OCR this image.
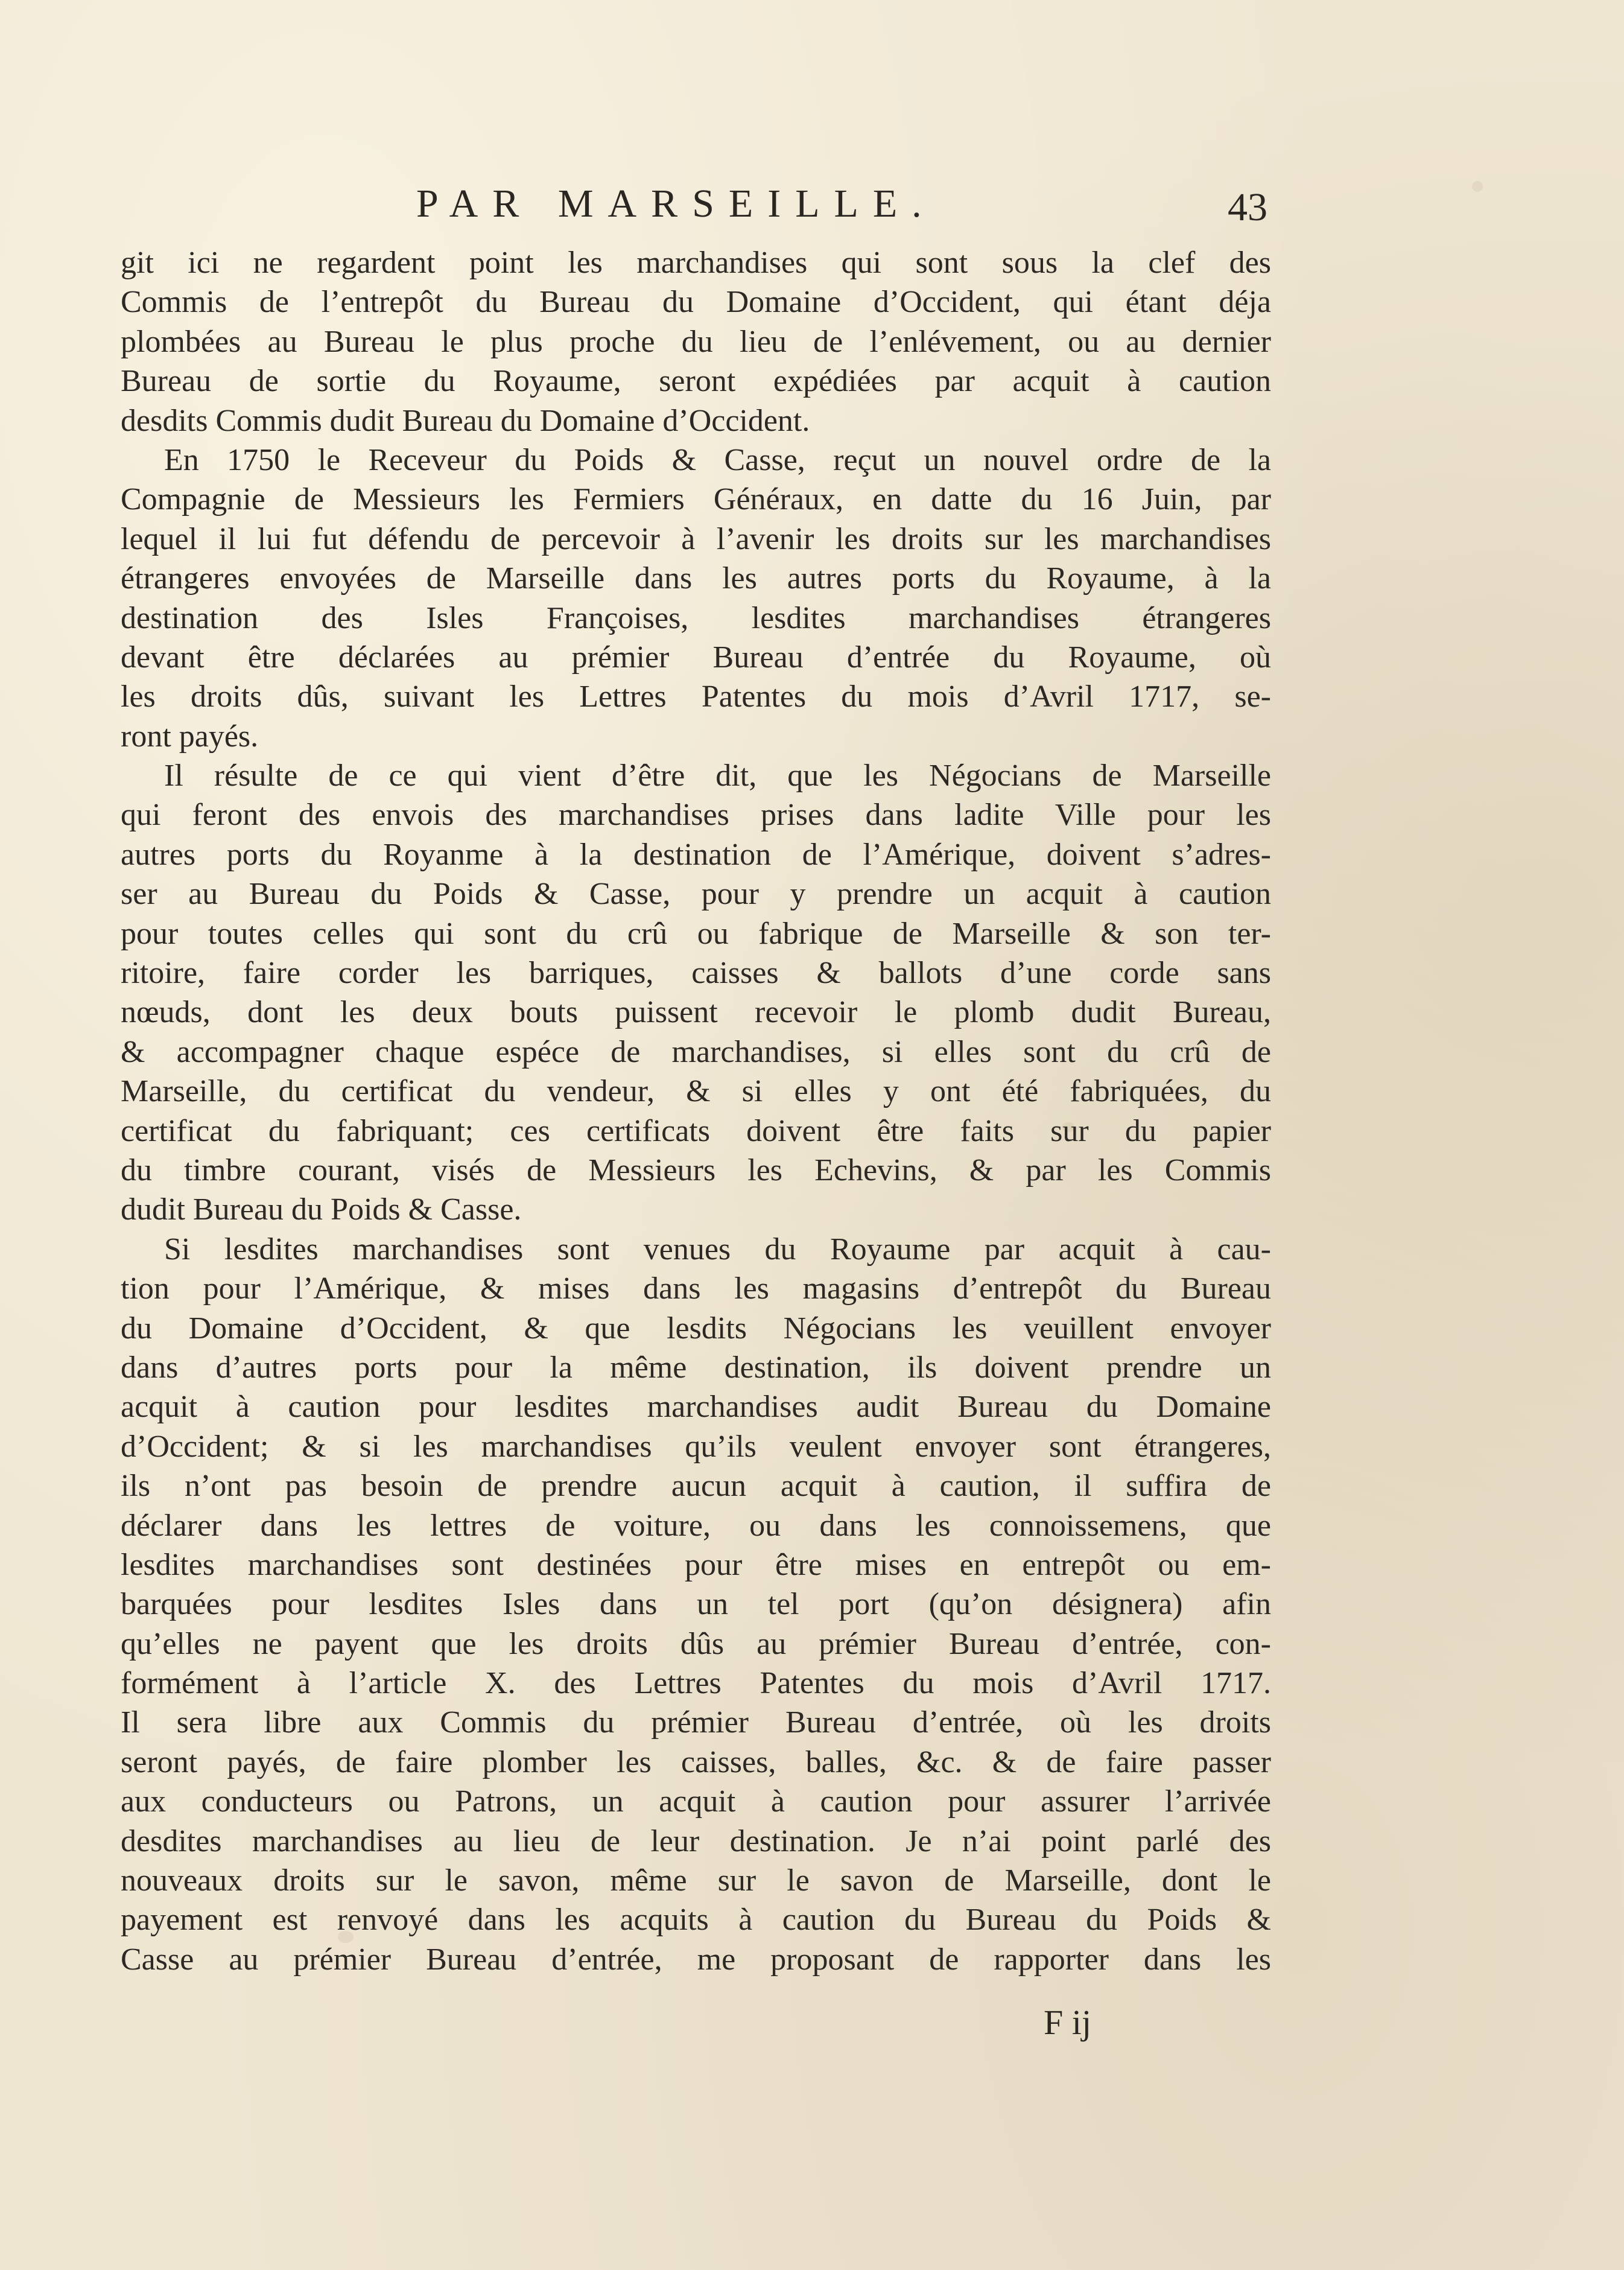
PAR MARSEILLE.	43
git ici ne regardent point les marchandises qui sont sous la clef des
Commis de l’entrepôt du Bureau du Domaine d’Occident, qui étant déja
plombées au Bureau le plus proche du lieu de l’enlévement, ou au dernier
Bureau de sortie du Royaume, seront expédiées par acquit à caution
desdits Commis dudit Bureau du Domaine d’Occident.
En 1750 le Receveur du Poids & Casse, reçut un nouvel ordre de la
Compagnie de Messieurs les Fermiers Généraux, en datte du 16 Juin, par
lequel il lui fut défendu de percevoir à l’avenir les droits sur les marchandises
étrangeres envoyées de Marseille dans les autres ports du Royaume, à la
destination des Isles Françoises, lesdites marchandises étrangeres
devant être déclarées au prémier Bureau d’entrée du Royaume, où
les droits dûs, suivant les Lettres Patentes du mois d’Avril 1717, se-
ront payés.
Il résulte de ce qui vient d’être dit, que les Négocians de Marseille
qui feront des envois des marchandises prises dans ladite Ville pour les
autres ports du Royanme à la destination de l’Amérique, doivent s’adres-
ser au Bureau du Poids & Casse, pour y prendre un acquit à caution
pour toutes celles qui sont du crû ou fabrique de Marseille & son ter-
ritoire, faire corder les barriques, caisses & ballots d’une corde sans
nœuds, dont les deux bouts puissent recevoir le plomb dudit Bureau,
& accompagner chaque espéce de marchandises, si elles sont du crû de
Marseille, du certificat du vendeur, & si elles y ont été fabriquées, du
certificat du fabriquant; ces certificats doivent être faits sur du papier
du timbre courant, visés de Messieurs les Echevins, & par les Commis
dudit Bureau du Poids & Casse.
Si lesdites marchandises sont venues du Royaume par acquit à cau-
tion pour l’Amérique, & mises dans les magasins d’entrepôt du Bureau
du Domaine d’Occident, & que lesdits Négocians les veuillent envoyer
dans d’autres ports pour la même destination, ils doivent prendre un
acquit à caution pour lesdites marchandises audit Bureau du Domaine
d’Occident; & si les marchandises qu’ils veulent envoyer sont étrangeres,
ils n’ont pas besoin de prendre aucun acquit à caution, il suffira de
déclarer dans les lettres de voiture, ou dans les connoissemens, que
lesdites marchandises sont destinées pour être mises en entrepôt ou em-
barquées pour lesdites Isles dans un tel port (qu’on désignera) afin
qu’elles ne payent que les droits dûs au prémier Bureau d’entrée, con-
formément à l’article X. des Lettres Patentes du mois d’Avril 1717.
Il sera libre aux Commis du prémier Bureau d’entrée, où les droits
seront payés, de faire plomber les caisses, balles, &c. & de faire passer
aux conducteurs ou Patrons, un acquit à caution pour assurer l’arrivée
desdites marchandises au lieu de leur destination. Je n’ai point parlé des
nouveaux droits sur le savon, même sur le savon de Marseille, dont le
payement est renvoyé dans les acquits à caution du Bureau du Poids &
Casse au prémier Bureau d’entrée, me proposant de rapporter dans les
F ij
